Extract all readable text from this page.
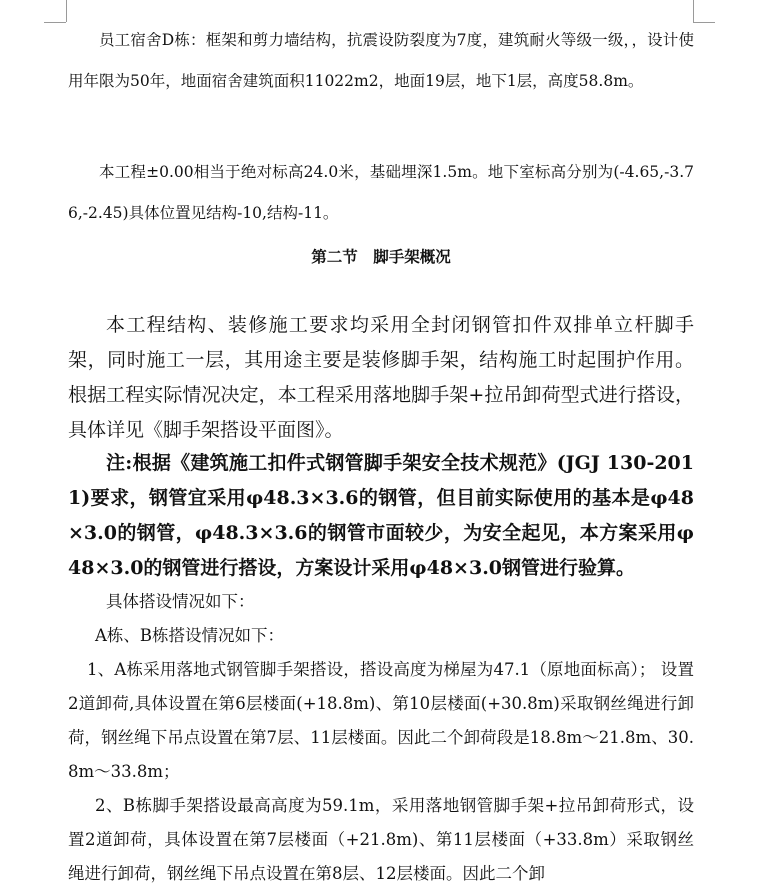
员工宿舍D栋：框架和剪力墙结构，抗震设防裂度为7度，建筑耐火等级一级，，设计使用年限为50年，地面宿舍建筑面积11022m2，地面19层，地下1层，高度58.8m。

本工程±0.00相当于绝对标高24.0米，基础埋深1.5m。地下室标高分别为(-4.65,-3.76,-2.45)具体位置见结构-10,结构-11。

第二节　脚手架概况

本工程结构、装修施工要求均采用全封闭钢管扣件双排单立杆脚手架，同时施工一层，其用途主要是装修脚手架，结构施工时起围护作用。根据工程实际情况决定，本工程采用落地脚手架+拉吊卸荷型式进行搭设，具体详见《脚手架搭设平面图》。

注:根据《建筑施工扣件式钢管脚手架安全技术规范》(JGJ 130-2011)要求，钢管宜采用φ48.3×3.6的钢管，但目前实际使用的基本是φ48×3.0的钢管，φ48.3×3.6的钢管市面较少，为安全起见，本方案采用φ48×3.0的钢管进行搭设，方案设计采用φ48×3.0钢管进行验算。

具体搭设情况如下：

A栋、B栋搭设情况如下：

1、A栋采用落地式钢管脚手架搭设，搭设高度为梯屋为47.1（原地面标高）； 设置2道卸荷,具体设置在第6层楼面(+18.8m)、第10层楼面(+30.8m)采取钢丝绳进行卸荷，钢丝绳下吊点设置在第7层、11层楼面。因此二个卸荷段是18.8m～21.8m、30.8m～33.8m；

2、B栋脚手架搭设最高高度为59.1m，采用落地钢管脚手架+拉吊卸荷形式，设置2道卸荷，具体设置在第7层楼面（+21.8m)、第11层楼面（+33.8m）采取钢丝绳进行卸荷，钢丝绳下吊点设置在第8层、12层楼面。因此二个卸
